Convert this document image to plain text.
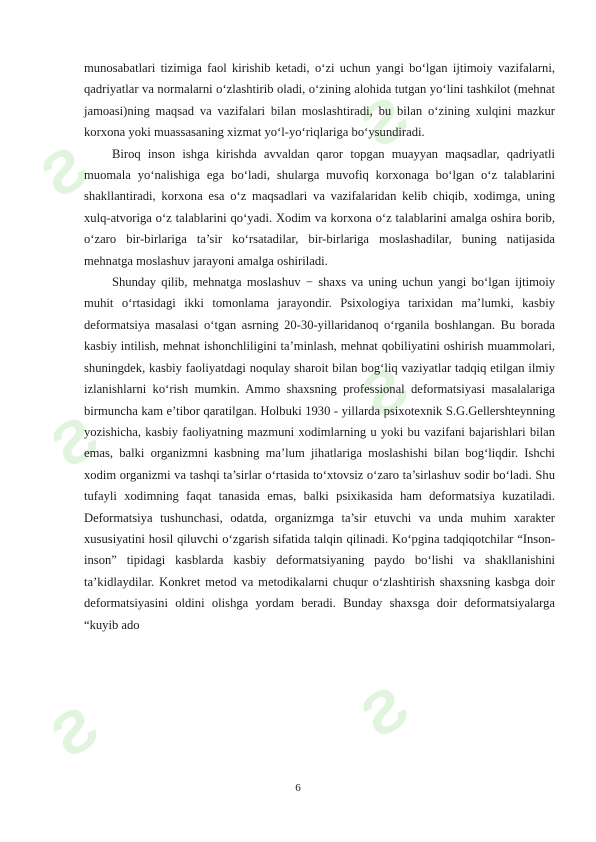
Ƨ
Ƨ
Ƨ
Ƨ
Ƨ	Ƨ

munosabatlari tizimiga faol kirishib ketadi, o‘zi uchun yangi bo‘lgan ijtimoiy vazifalarni, qadriyatlar va normalarni o‘zlashtirib oladi, o‘zining alohida tutgan yo‘lini tashkilot (mehnat jamoasi)ning maqsad va vazifalari bilan moslashtiradi, bu bilan o‘zining xulqini mazkur korxona yoki muassasaning xizmat yo‘l-yo‘riqlariga bo‘ysundiradi.

Biroq inson ishga kirishda avvaldan qaror topgan muayyan maqsadlar, qadriyatli muomala yo‘nalishiga ega bo‘ladi, shularga muvofiq korxonaga bo‘lgan o‘z talablarini shakllantiradi, korxona esa o‘z maqsadlari va vazifalaridan kelib chiqib, xodimga, uning xulq-atvoriga o‘z talablarini qo‘yadi. Xodim va korxona o‘z talablarini amalga oshira borib, o‘zaro bir-birlariga ta’sir ko‘rsatadilar, bir-birlariga moslashadilar, buning natijasida mehnatga moslashuv jarayoni amalga oshiriladi.

Shunday qilib, mehnatga moslashuv − shaxs va uning uchun yangi bo‘lgan ijtimoiy muhit o‘rtasidagi ikki tomonlama jarayondir. Psixologiya tarixidan ma’lumki, kasbiy deformatsiya masalasi o‘tgan asrning 20-30-yillaridanoq o‘rganila boshlangan. Bu borada kasbiy intilish, mehnat ishonchliligini ta’minlash, mehnat qobiliyatini oshirish muammolari, shuningdek, kasbiy faoliyatdagi noqulay sharoit bilan bog‘liq vaziyatlar tadqiq etilgan ilmiy izlanishlarni ko‘rish mumkin. Ammo shaxsning professional deformatsiyasi masalalariga birmuncha kam e’tibor qaratilgan. Holbuki 1930 - yillarda psixotexnik S.G.Gellershteynning yozishicha, kasbiy faoliyatning mazmuni xodimlarning u yoki bu vazifani bajarishlari bilan emas, balki organizmni kasbning ma’lum jihatlariga moslashishi bilan bog‘liqdir. Ishchi xodim organizmi va tashqi ta’sirlar o‘rtasida to‘xtovsiz o‘zaro ta’sirlashuv sodir bo‘ladi. Shu tufayli xodimning faqat tanasida emas, balki psixikasida ham deformatsiya kuzatiladi. Deformatsiya tushunchasi, odatda, organizmga ta’sir etuvchi va unda muhim xarakter xususiyatini hosil qiluvchi o‘zgarish sifatida talqin qilinadi. Ko‘pgina tadqiqotchilar “Inson-inson” tipidagi kasblarda kasbiy deformatsiyaning paydo bo‘lishi va shakllanishini ta’kidlaydilar. Konkret metod va metodikalarni chuqur o‘zlashtirish shaxsning kasbga doir deformatsiyasini oldini olishga yordam beradi. Bunday shaxsga doir deformatsiyalarga “kuyib ado

6
